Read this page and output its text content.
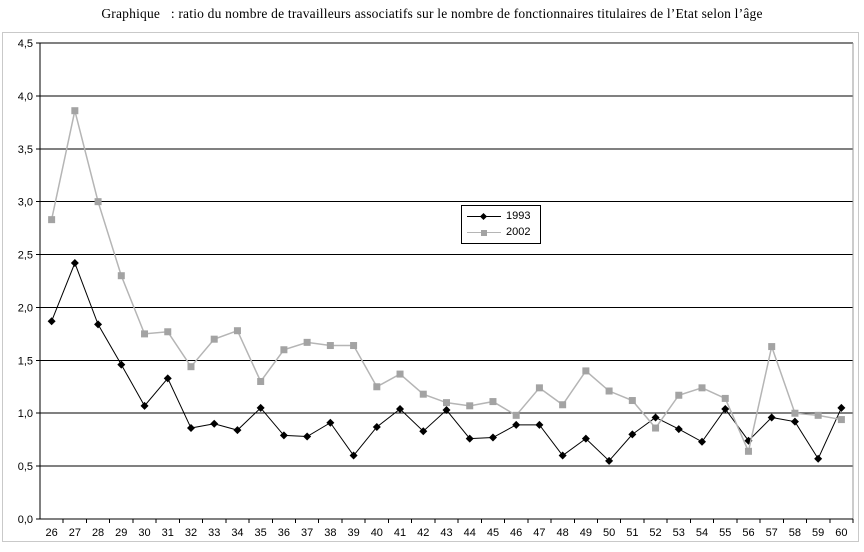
Graphique   : ratio du nombre de travailleurs associatifs sur le nombre de fonctionnaires titulaires de l’Etat selon l’âge
0,0
0,5
1,0
1,5
2,0
2,5
3,0
3,5
4,0
4,5
26 27 28 29 30 31 32 33 34 35 36 37 38 39 40 41 42 43 44 45 46 47 48 49 50 51 52 53 54 55 56 57 58 59 60
1993
2002
